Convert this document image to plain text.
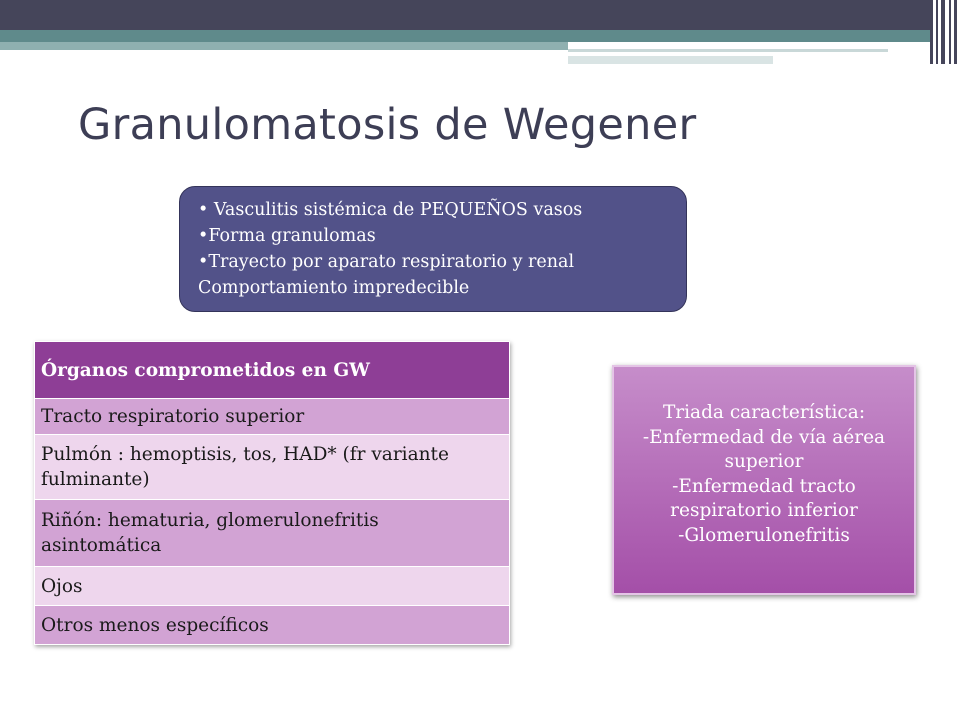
Granulomatosis de Wegener
• Vasculitis sistémica de PEQUEÑOS vasos
•Forma granulomas
•Trayecto por aparato respiratorio y renal
Comportamiento impredecible
Órganos comprometidos en GW
Tracto respiratorio superior
Pulmón : hemoptisis, tos, HAD* (fr variante fulminante)
Riñón: hematuria, glomerulonefritis asintomática
Ojos
Otros menos específicos
Triada característica:
-Enfermedad de vía aérea superior
-Enfermedad tracto respiratorio inferior
-Glomerulonefritis
